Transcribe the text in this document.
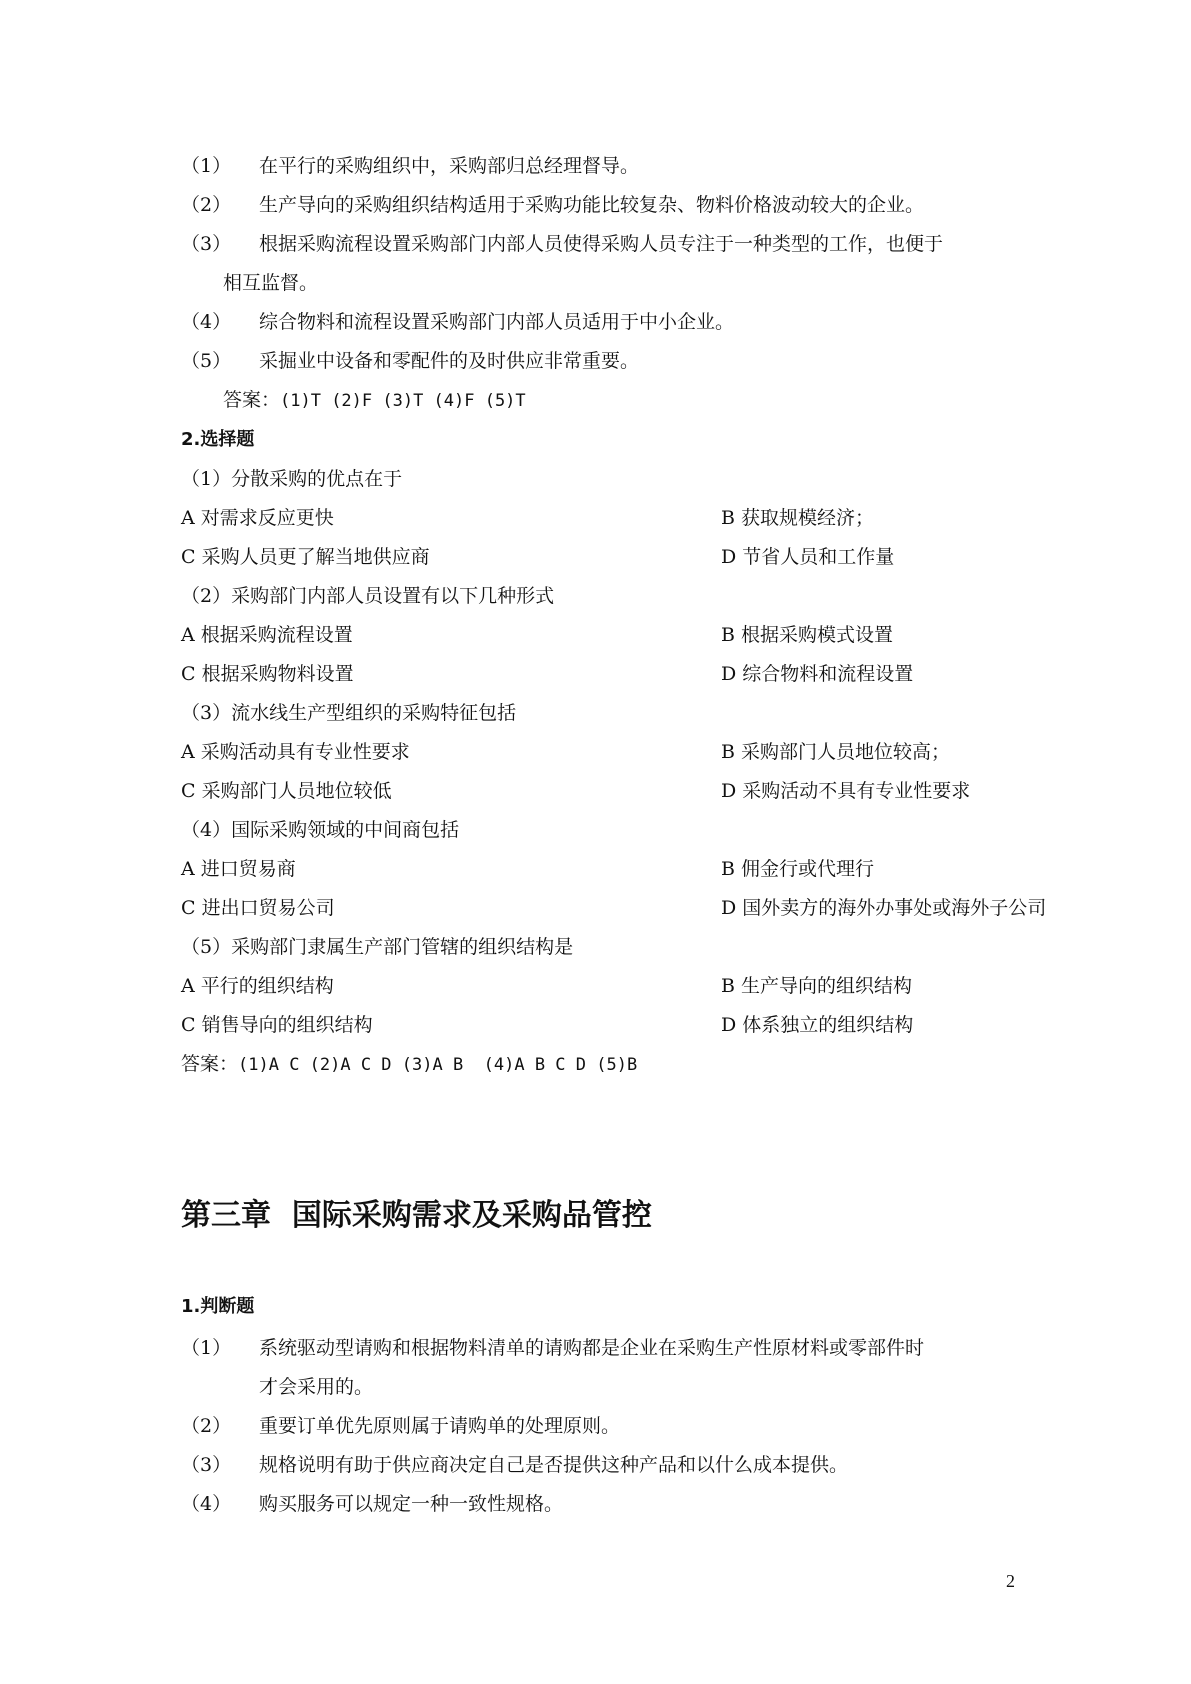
（1） 在平行的采购组织中，采购部归总经理督导。
（2） 生产导向的采购组织结构适用于采购功能比较复杂、物料价格波动较大的企业。
（3） 根据采购流程设置采购部门内部人员使得采购人员专注于一种类型的工作，也便于
相互监督。
（4） 综合物料和流程设置采购部门内部人员适用于中小企业。
（5） 采掘业中设备和零配件的及时供应非常重要。
答案：(1)T (2)F (3)T (4)F (5)T
2.选择题
（1）分散采购的优点在于
A 对需求反应更快	B 获取规模经济；
C 采购人员更了解当地供应商	D 节省人员和工作量
（2）采购部门内部人员设置有以下几种形式
A 根据采购流程设置	B 根据采购模式设置
C 根据采购物料设置	D 综合物料和流程设置
（3）流水线生产型组织的采购特征包括
A 采购活动具有专业性要求	B 采购部门人员地位较高；
C 采购部门人员地位较低	D 采购活动不具有专业性要求
（4）国际采购领域的中间商包括
A 进口贸易商	B 佣金行或代理行
C 进出口贸易公司	D 国外卖方的海外办事处或海外子公司
（5）采购部门隶属生产部门管辖的组织结构是
A 平行的组织结构	B 生产导向的组织结构
C 销售导向的组织结构	D 体系独立的组织结构
答案：(1)A C (2)A C D (3)A B  (4)A B C D (5)B
第三章  国际采购需求及采购品管控
1.判断题
（1） 系统驱动型请购和根据物料清单的请购都是企业在采购生产性原材料或零部件时
才会采用的。
（2） 重要订单优先原则属于请购单的处理原则。
（3） 规格说明有助于供应商决定自己是否提供这种产品和以什么成本提供。
（4） 购买服务可以规定一种一致性规格。
2
